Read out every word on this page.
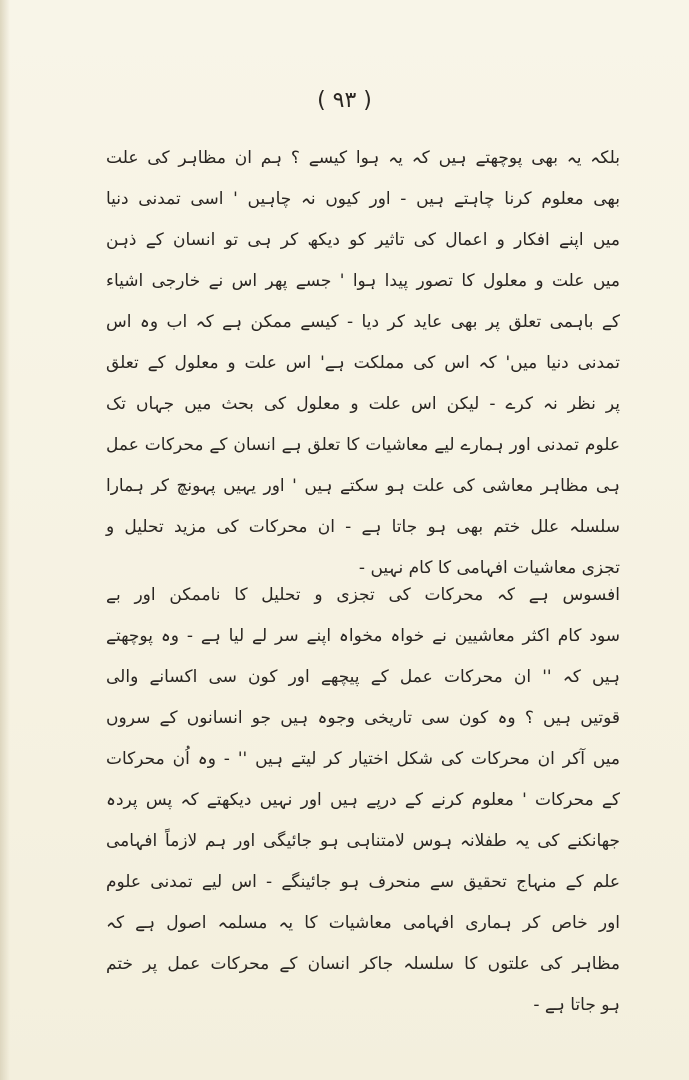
( ۹۳ )
بلکہ یہ بھی پوچھتے ہیں کہ یہ ہوا کیسے ؟ ہم ان مظاہر کی علت
بھی معلوم کرنا چاہتے ہیں - اور کیوں نہ چاہیں ' اسی تمدنی دنیا
میں اپنے افکار و اعمال کی تاثیر کو دیکھ کر ہی تو انسان کے ذہن
میں علت و معلول کا تصور پیدا ہوا ' جسے پھر اس نے خارجی اشیاء
کے باہمی تعلق پر بھی عاید کر دیا - کیسے ممکن ہے کہ اب وہ اس
تمدنی دنیا میں' کہ اس کی مملکت ہے' اس علت و معلول کے تعلق
پر نظر نہ کرے - لیکن اس علت و معلول کی بحث میں جہاں تک
علوم تمدنی اور ہمارے لیے معاشیات کا تعلق ہے انسان کے محرکات عمل
ہی مظاہر معاشی کی علت ہو سکتے ہیں ' اور یہیں پہونچ کر ہمارا
سلسلہ علل ختم بھی ہو جاتا ہے - ان محرکات کی مزید تحلیل و
تجزی معاشیات افہامی کا کام نہیں -
افسوس ہے کہ محرکات کی تجزی و تحلیل کا ناممکن اور بے
سود کام اکثر معاشیین نے خواہ مخواہ اپنے سر لے لیا ہے - وہ پوچھتے
ہیں کہ '' ان محرکات عمل کے پیچھے اور کون سی اکسانے والی
قوتیں ہیں ؟ وہ کون سی تاریخی وجوہ ہیں جو انسانوں کے سروں
میں آکر ان محرکات کی شکل اختیار کر لیتے ہیں '' - وہ اُن محرکات
کے محرکات ' معلوم کرنے کے درپے ہیں اور نہیں دیکھتے کہ پس پردہ
جھانکنے کی یہ طفلانہ ہوس لامتناہی ہو جائیگی اور ہم لازماً افہامی
علم کے منہاج تحقیق سے منحرف ہو جائینگے - اس لیے تمدنی علوم
اور خاص کر ہماری افہامی معاشیات کا یہ مسلمہ اصول ہے کہ
مظاہر کی علتوں کا سلسلہ جاکر انسان کے محرکات عمل پر ختم
ہو جاتا ہے -
